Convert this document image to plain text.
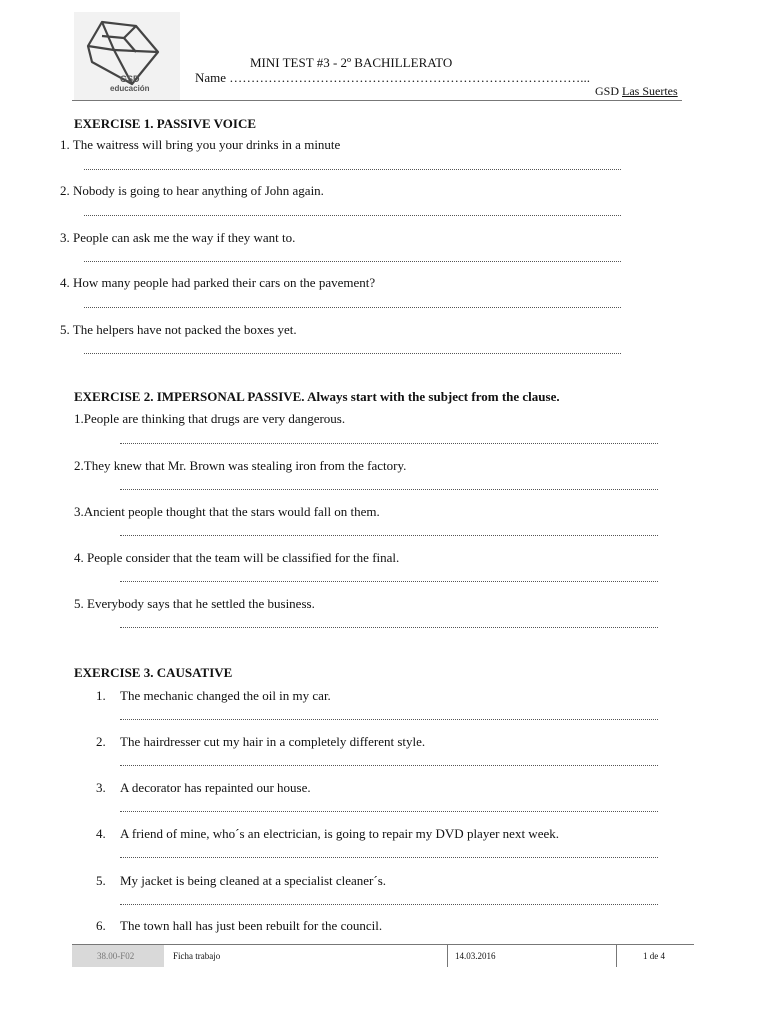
GSD
educación
MINI TEST #3 - 2º BACHILLERATO
Name ………………………………………………………………………...
GSD Las Suertes
EXERCISE 1. PASSIVE VOICE
1. The waitress will bring you your drinks in a minute
2. Nobody is going to hear anything of John again.
3. People can ask me the way if they want to.
4. How many people had parked their cars on the pavement?
5. The helpers have not packed the boxes yet.
EXERCISE 2. IMPERSONAL PASSIVE. Always start with the subject from the clause.
1.People are thinking that drugs are very dangerous.
2.They knew that Mr. Brown was stealing iron from the factory.
3.Ancient people thought that the stars would fall on them.
4. People consider that the team will be classified for the final.
5. Everybody says that he settled the business.
EXERCISE 3. CAUSATIVE
1. The mechanic changed the oil in my car.
2. The hairdresser cut my hair in a completely different style.
3. A decorator has repainted our house.
4. A friend of mine, who´s an electrician, is going to repair my DVD player next week.
5. My jacket is being cleaned at a specialist cleaner´s.
6. The town hall has just been rebuilt for the council.
38.00-F02	Ficha trabajo	14.03.2016	1 de 4
